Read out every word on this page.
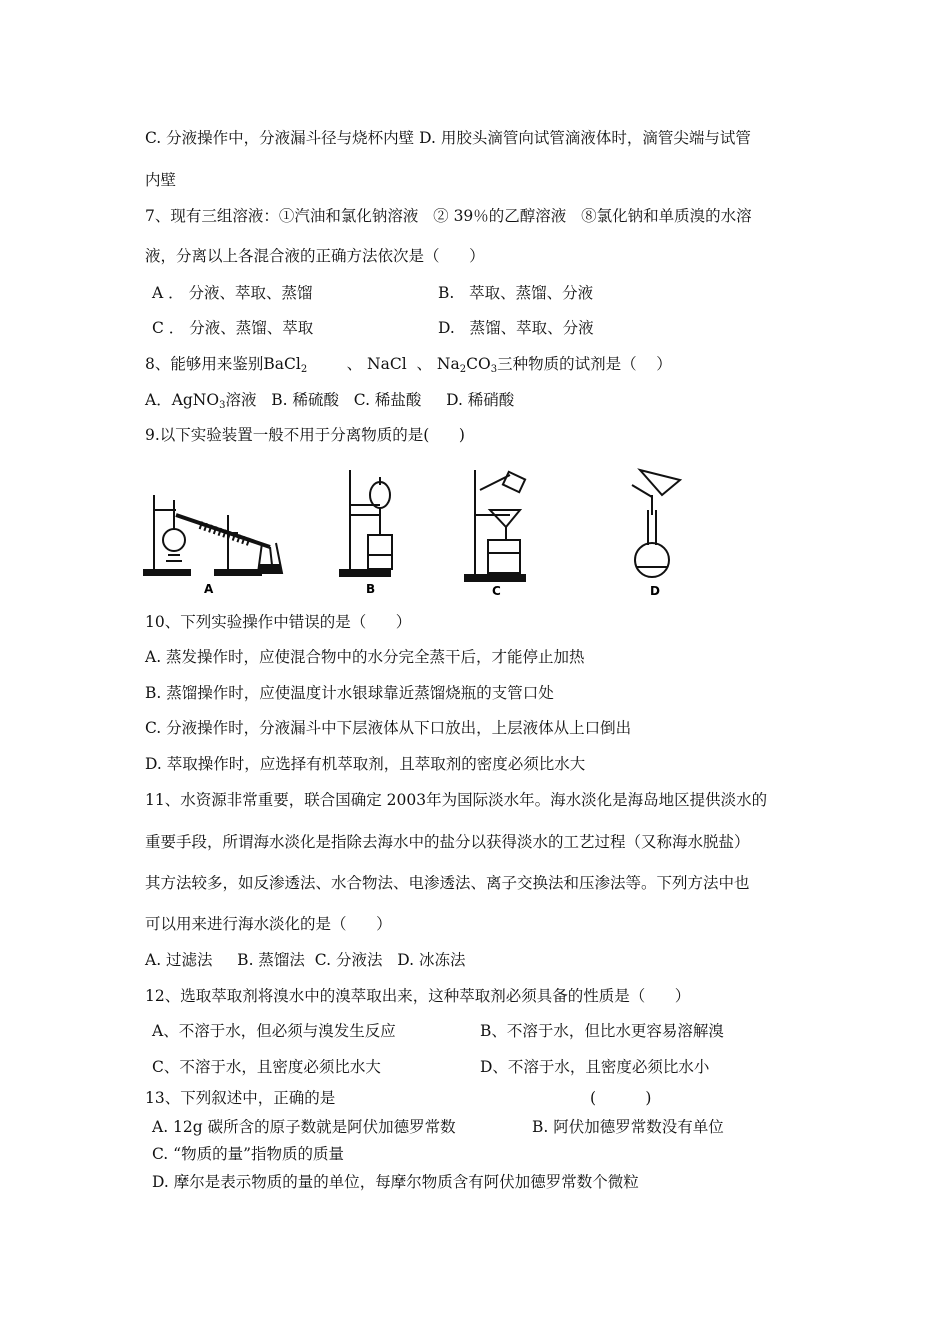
C. 分液操作中，分液漏斗径与烧杯内壁 D. 用胶头滴管向试管滴液体时，滴管尖端与试管
内壁
7、现有三组溶液：①汽油和氯化钠溶液   ② 39％的乙醇溶液   ⑧氯化钠和单质溴的水溶
液，分离以上各混合液的正确方法依次是（      ）
A ． 分液、萃取、蒸馏	B.   萃取、蒸馏、分液
C ． 分液、蒸馏、萃取	D.   蒸馏、萃取、分液
8、能够用来鉴别BaCl$_2$        、 NaCl  、 $Na_2CO_3$三种物质的试剂是（    ）
A．AgNO$_3$溶液   B. 稀硫酸   C. 稀盐酸     D. 稀硝酸
9.以下实验装置一般不用于分离物质的是(      )
A	B	C	D
10、下列实验操作中错误的是（      ）
A. 蒸发操作时，应使混合物中的水分完全蒸干后，才能停止加热
B. 蒸馏操作时，应使温度计水银球靠近蒸馏烧瓶的支管口处
C. 分液操作时，分液漏斗中下层液体从下口放出，上层液体从上口倒出
D. 萃取操作时，应选择有机萃取剂，且萃取剂的密度必须比水大
11、水资源非常重要，联合国确定 2003年为国际淡水年。海水淡化是海岛地区提供淡水的
重要手段，所谓海水淡化是指除去海水中的盐分以获得淡水的工艺过程（又称海水脱盐）
其方法较多，如反渗透法、水合物法、电渗透法、离子交换法和压渗法等。下列方法中也
可以用来进行海水淡化的是（      ）
A. 过滤法     B. 蒸馏法  C. 分液法   D. 冰冻法
12、选取萃取剂将溴水中的溴萃取出来，这种萃取剂必须具备的性质是（      ）
A、不溶于水，但必须与溴发生反应	B、不溶于水，但比水更容易溶解溴
C、不溶于水，且密度必须比水大	D、不溶于水，且密度必须比水小
13、下列叙述中，正确的是	(          )
A. 12g 碳所含的原子数就是阿伏加德罗常数	B. 阿伏加德罗常数没有单位
C. “物质的量”指物质的质量
D. 摩尔是表示物质的量的单位，每摩尔物质含有阿伏加德罗常数个微粒
